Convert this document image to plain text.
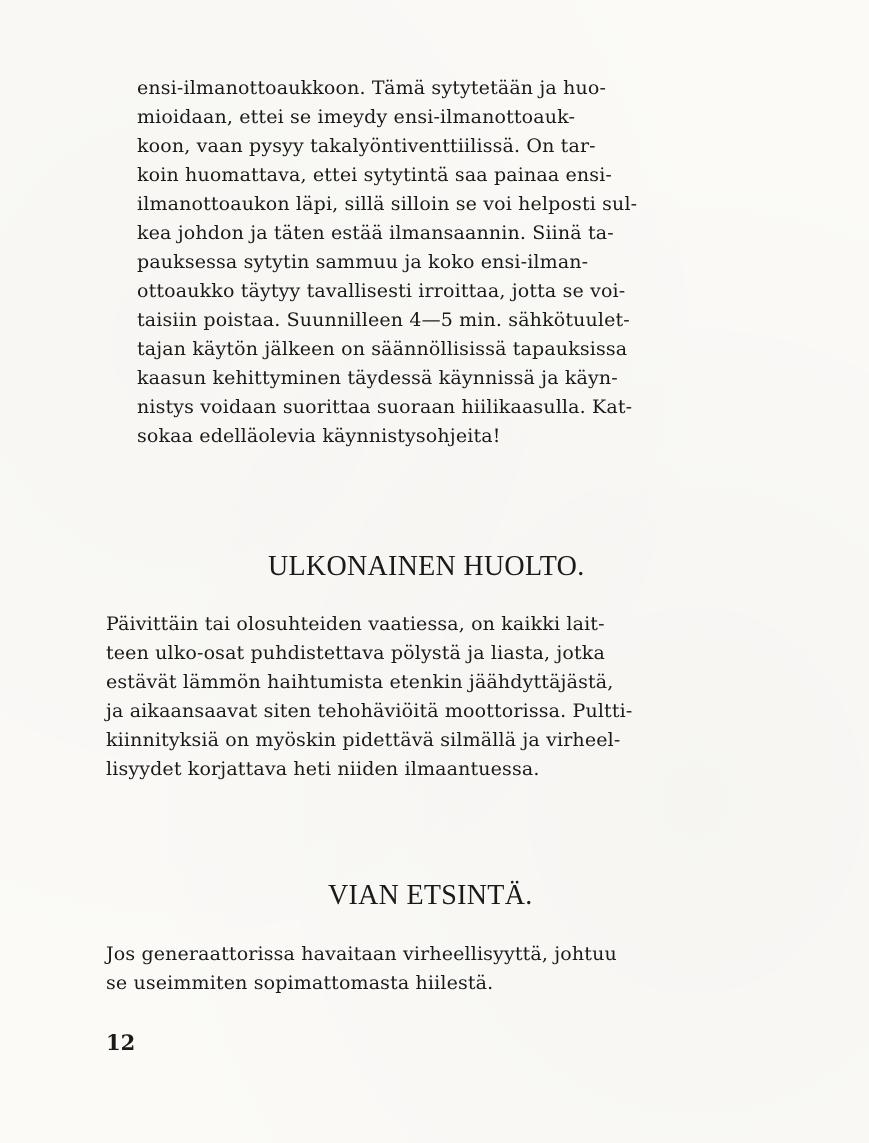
ensi-ilmanottoaukkoon. Tämä sytytetään ja huo-
mioidaan, ettei se imeydy ensi-ilmanottoauk-
koon, vaan pysyy takalyöntiventtiilissä. On tar-
koin huomattava, ettei sytytintä saa painaa ensi-
ilmanottoaukon läpi, sillä silloin se voi helposti sul-
kea johdon ja täten estää ilmansaannin. Siinä ta-
pauksessa sytytin sammuu ja koko ensi-ilman-
ottoaukko täytyy tavallisesti irroittaa, jotta se voi-
taisiin poistaa. Suunnilleen 4—5 min. sähkötuulet-
tajan käytön jälkeen on säännöllisissä tapauksissa
kaasun kehittyminen täydessä käynnissä ja käyn-
nistys voidaan suorittaa suoraan hiilikaasulla. Kat-
sokaa edelläolevia käynnistysohjeita!
ULKONAINEN HUOLTO.
Päivittäin tai olosuhteiden vaatiessa, on kaikki lait-
teen ulko-osat puhdistettava pölystä ja liasta, jotka
estävät lämmön haihtumista etenkin jäähdyttäjästä,
ja aikaansaavat siten tehohäviöitä moottorissa. Pultti-
kiinnityksiä on myöskin pidettävä silmällä ja virheel-
lisyydet korjattava heti niiden ilmaantuessa.
VIAN ETSINTÄ.
Jos generaattorissa havaitaan virheellisyyttä, johtuu
se useimmiten sopimattomasta hiilestä.
12
